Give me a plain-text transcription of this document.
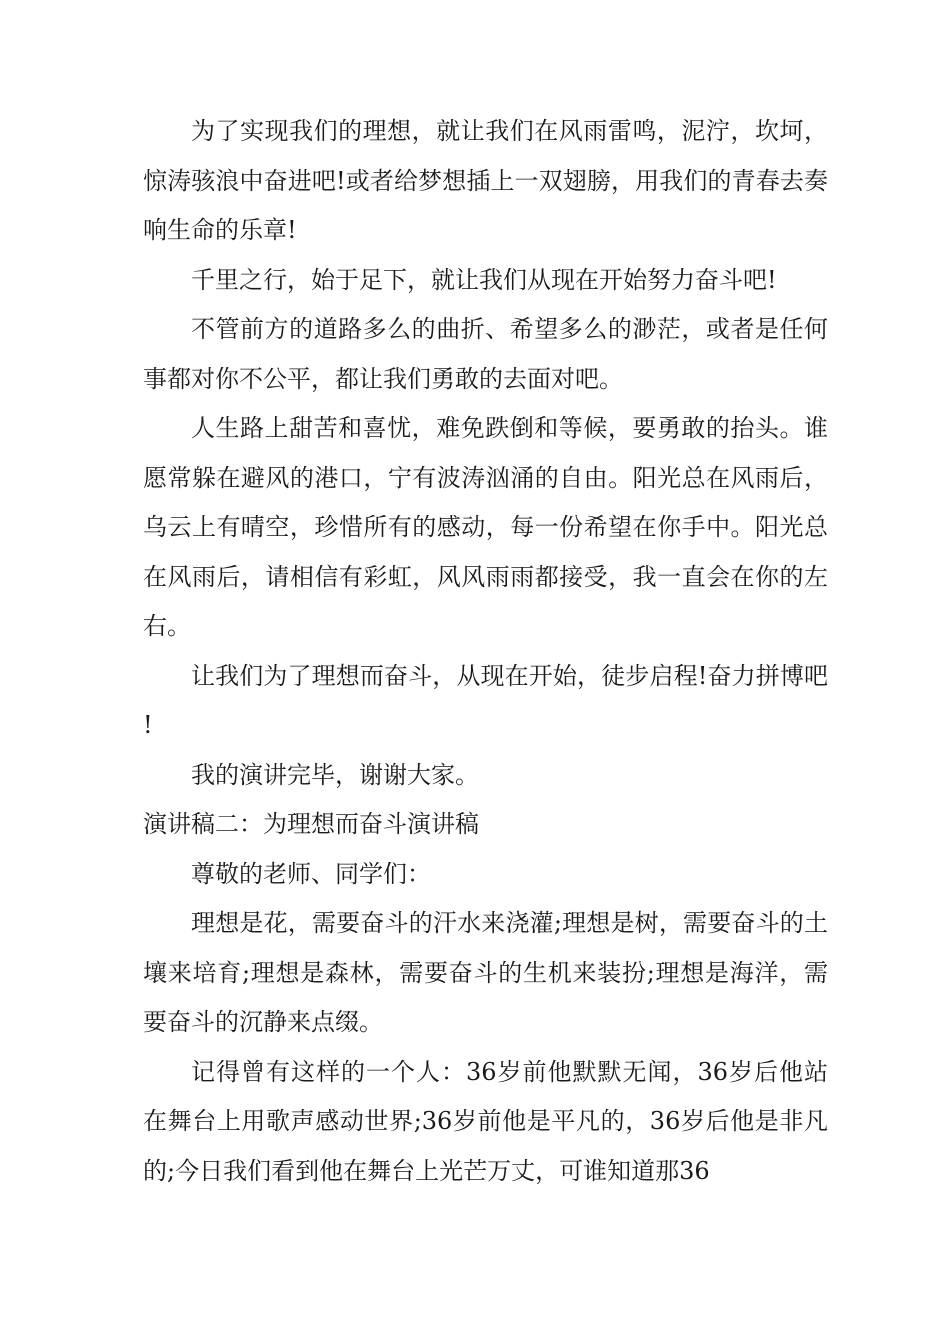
为了实现我们的理想，就让我们在风雨雷鸣，泥泞，坎坷，惊涛骇浪中奋进吧!或者给梦想插上一双翅膀，用我们的青春去奏响生命的乐章!

千里之行，始于足下，就让我们从现在开始努力奋斗吧!

不管前方的道路多么的曲折、希望多么的渺茫，或者是任何事都对你不公平，都让我们勇敢的去面对吧。

人生路上甜苦和喜忧，难免跌倒和等候，要勇敢的抬头。谁愿常躲在避风的港口，宁有波涛汹涌的自由。阳光总在风雨后，乌云上有晴空，珍惜所有的感动，每一份希望在你手中。阳光总在风雨后，请相信有彩虹，风风雨雨都接受，我一直会在你的左右。

让我们为了理想而奋斗，从现在开始，徒步启程!奋力拼博吧!

我的演讲完毕，谢谢大家。

演讲稿二：为理想而奋斗演讲稿

尊敬的老师、同学们：

理想是花，需要奋斗的汗水来浇灌;理想是树，需要奋斗的土壤来培育;理想是森林，需要奋斗的生机来装扮;理想是海洋，需要奋斗的沉静来点缀。

记得曾有这样的一个人：36岁前他默默无闻，36岁后他站在舞台上用歌声感动世界;36岁前他是平凡的，36岁后他是非凡的;今日我们看到他在舞台上光芒万丈，可谁知道那36
